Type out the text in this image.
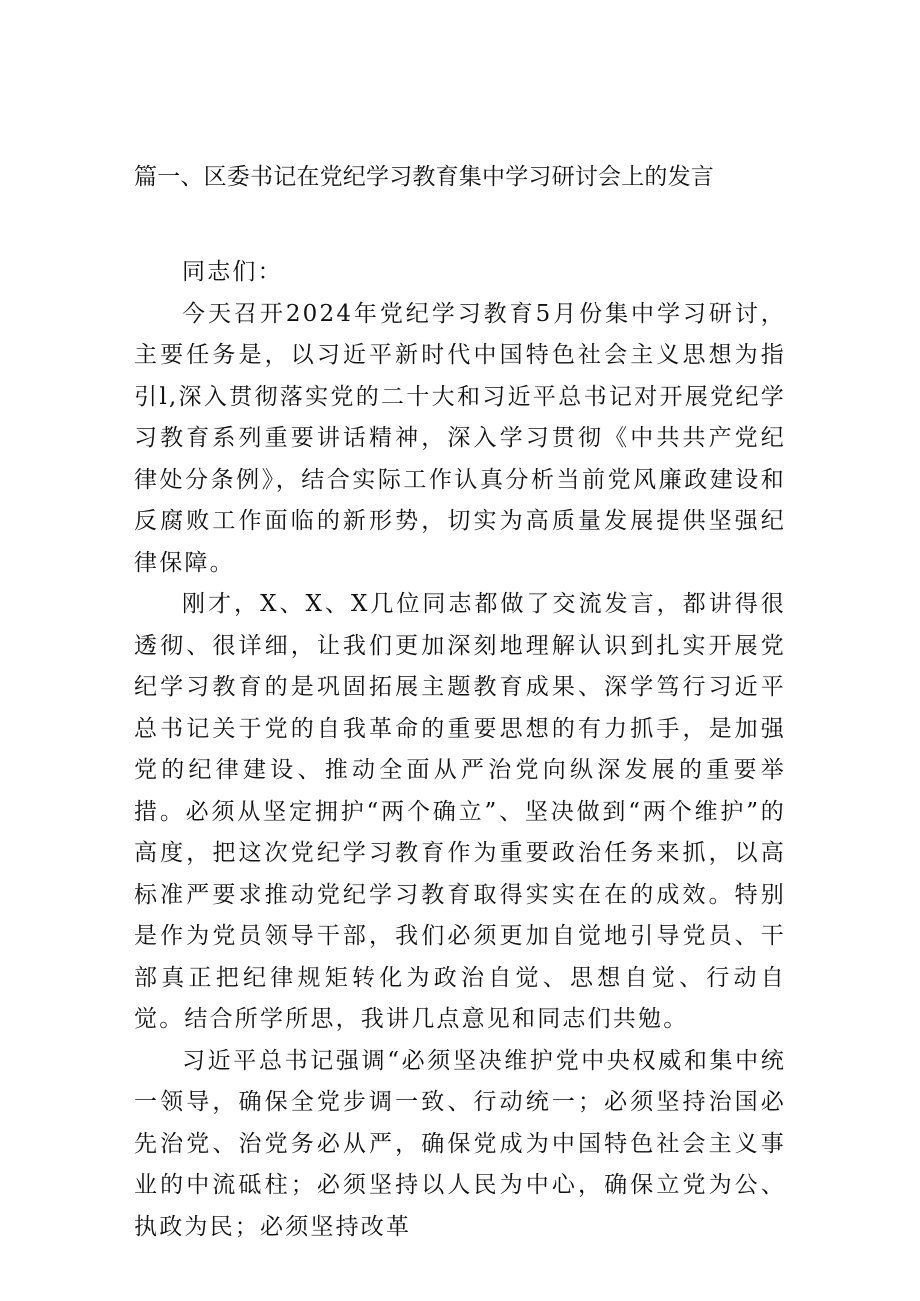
篇一、区委书记在党纪学习教育集中学习研讨会上的发言

同志们：

今天召开2024年党纪学习教育5月份集中学习研讨，主要任务是，以习近平新时代中国特色社会主义思想为指引l,深入贯彻落实党的二十大和习近平总书记对开展党纪学习教育系列重要讲话精神，深入学习贯彻《中共共产党纪律处分条例》，结合实际工作认真分析当前党风廉政建设和反腐败工作面临的新形势，切实为高质量发展提供坚强纪律保障。

刚才，X、X、X几位同志都做了交流发言，都讲得很透彻、很详细，让我们更加深刻地理解认识到扎实开展党纪学习教育的是巩固拓展主题教育成果、深学笃行习近平总书记关于党的自我革命的重要思想的有力抓手，是加强党的纪律建设、推动全面从严治党向纵深发展的重要举措。必须从坚定拥护“两个确立”、坚决做到“两个维护”的高度，把这次党纪学习教育作为重要政治任务来抓，以高标准严要求推动党纪学习教育取得实实在在的成效。特别是作为党员领导干部，我们必须更加自觉地引导党员、干部真正把纪律规矩转化为政治自觉、思想自觉、行动自觉。结合所学所思，我讲几点意见和同志们共勉。

习近平总书记强调“必须坚决维护党中央权威和集中统一领导，确保全党步调一致、行动统一；必须坚持治国必先治党、治党务必从严，确保党成为中国特色社会主义事业的中流砥柱；必须坚持以人民为中心，确保立党为公、执政为民；必须坚持改革
